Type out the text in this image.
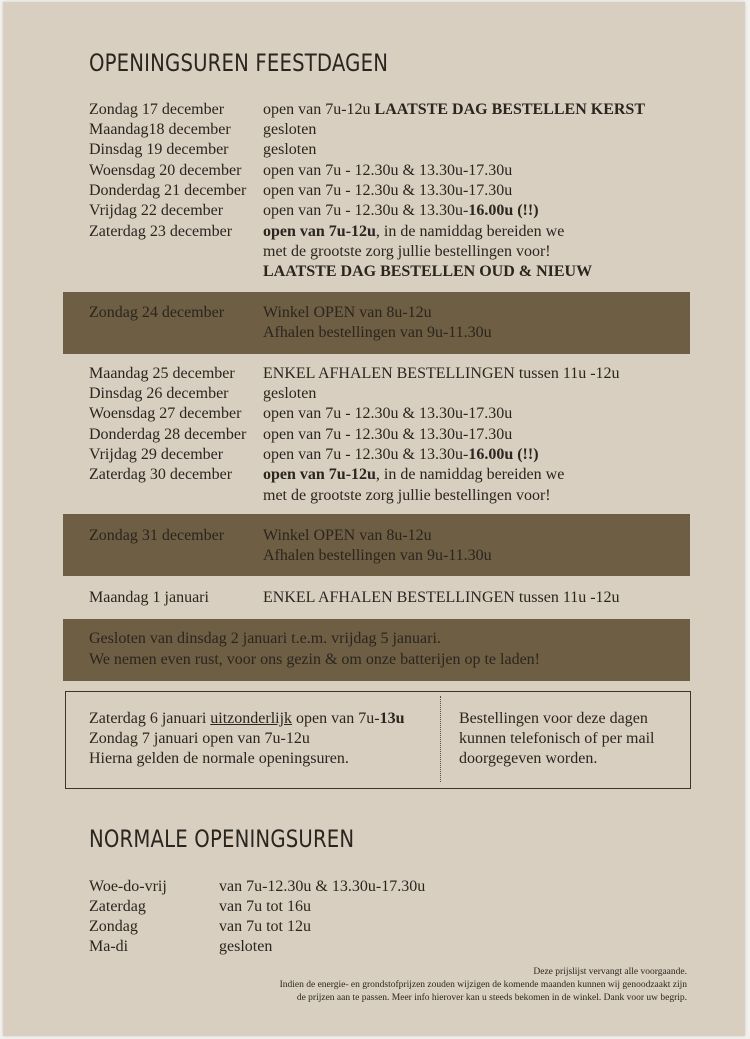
OPENINGSUREN FEESTDAGEN
Zondag 17 december open van 7u-12u LAATSTE DAG BESTELLEN KERST
Maandag18 december gesloten
Dinsdag 19 december gesloten
Woensdag 20 december open van 7u - 12.30u & 13.30u-17.30u
Donderdag 21 december open van 7u - 12.30u & 13.30u-17.30u
Vrijdag 22 december open van 7u - 12.30u & 13.30u-16.00u (!!)
Zaterdag 23 december open van 7u-12u, in de namiddag bereiden we
met de grootste zorg jullie bestellingen voor!
LAATSTE DAG BESTELLEN OUD & NIEUW
Zondag 24 december Winkel OPEN van 8u-12u
Afhalen bestellingen van 9u-11.30u
Maandag 25 december ENKEL AFHALEN BESTELLINGEN tussen 11u -12u
Dinsdag 26 december gesloten
Woensdag 27 december open van 7u - 12.30u & 13.30u-17.30u
Donderdag 28 december open van 7u - 12.30u & 13.30u-17.30u
Vrijdag 29 december open van 7u - 12.30u & 13.30u-16.00u (!!)
Zaterdag 30 december open van 7u-12u, in de namiddag bereiden we
met de grootste zorg jullie bestellingen voor!
Zondag 31 december Winkel OPEN van 8u-12u
Afhalen bestellingen van 9u-11.30u
Maandag 1 januari	ENKEL AFHALEN BESTELLINGEN tussen 11u -12u
Gesloten van dinsdag 2 januari t.e.m. vrijdag 5 januari.
We nemen even rust, voor ons gezin & om onze batterijen op te laden!
Zaterdag 6 januari uitzonderlijk open van 7u-13u
Zondag 7 januari open van 7u-12u
Hierna gelden de normale openingsuren.
Bestellingen voor deze dagen
kunnen telefonisch of per mail
doorgegeven worden.
NORMALE OPENINGSUREN
Woe-do-vrij	van 7u-12.30u & 13.30u-17.30u
Zaterdag	van 7u tot 16u
Zondag	van 7u tot 12u
Ma-di	gesloten
Deze prijslijst vervangt alle voorgaande.
Indien de energie- en grondstofprijzen zouden wijzigen de komende maanden kunnen wij genoodzaakt zijn
de prijzen aan te passen. Meer info hierover kan u steeds bekomen in de winkel. Dank voor uw begrip.
